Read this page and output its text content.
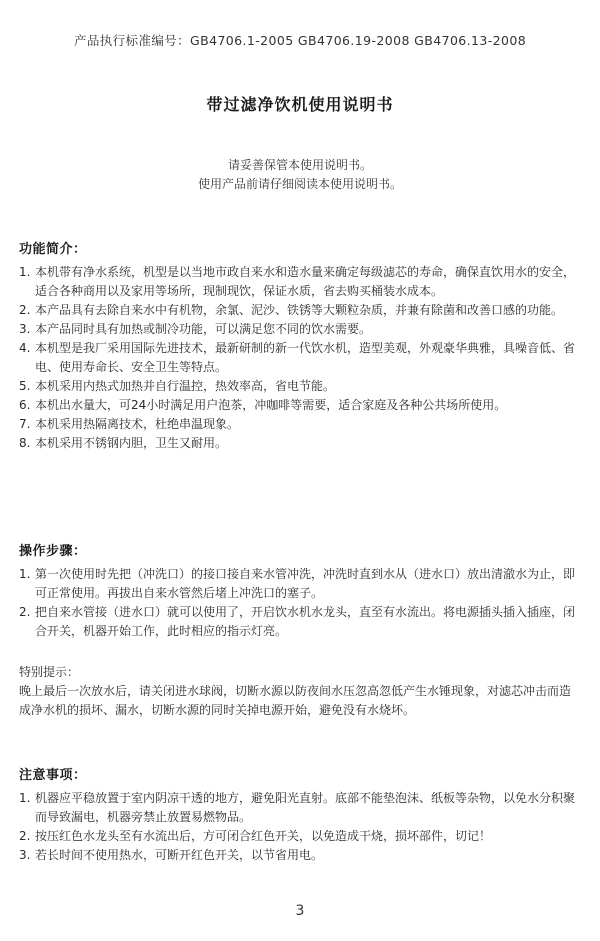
产品执行标准编号：GB4706.1-2005 GB4706.19-2008 GB4706.13-2008
带过滤净饮机使用说明书
请妥善保管本使用说明书。
使用产品前请仔细阅读本使用说明书。
功能简介：
1. 本机带有净水系统，机型是以当地市政自来水和造水量来确定每级滤芯的寿命，确保直饮用水的安全，适合各种商用以及家用等场所，现制现饮，保证水质，省去购买桶装水成本。
2. 本产品具有去除自来水中有机物，余氯、泥沙、铁锈等大颗粒杂质，并兼有除菌和改善口感的功能。
3. 本产品同时具有加热或制冷功能，可以满足您不同的饮水需要。
4. 本机型是我厂采用国际先进技术，最新研制的新一代饮水机，造型美观，外观豪华典雅，具噪音低、省电、使用寿命长、安全卫生等特点。
5. 本机采用内热式加热并自行温控，热效率高，省电节能。
6. 本机出水量大，可24小时满足用户泡茶，冲咖啡等需要，适合家庭及各种公共场所使用。
7. 本机采用热隔离技术，杜绝串温现象。
8. 本机采用不锈钢内胆，卫生又耐用。
操作步骤：
1. 第一次使用时先把（冲洗口）的接口接自来水管冲洗，冲洗时直到水从（进水口）放出清澈水为止，即可正常使用。再拔出自来水管然后堵上冲洗口的塞子。
2. 把自来水管接（进水口）就可以使用了，开启饮水机水龙头，直至有水流出。将电源插头插入插座，闭合开关，机器开始工作，此时相应的指示灯亮。
特别提示：
晚上最后一次放水后，请关闭进水球阀，切断水源以防夜间水压忽高忽低产生水锤现象，对滤芯冲击而造成净水机的损坏、漏水，切断水源的同时关掉电源开始，避免没有水烧坏。
注意事项：
1. 机器应平稳放置于室内阴凉干透的地方，避免阳光直射。底部不能垫泡沫、纸板等杂物，以免水分积聚而导致漏电，机器旁禁止放置易燃物品。
2. 按压红色水龙头至有水流出后，方可闭合红色开关，以免造成干烧，损坏部件，切记！
3. 若长时间不使用热水，可断开红色开关，以节省用电。
3
